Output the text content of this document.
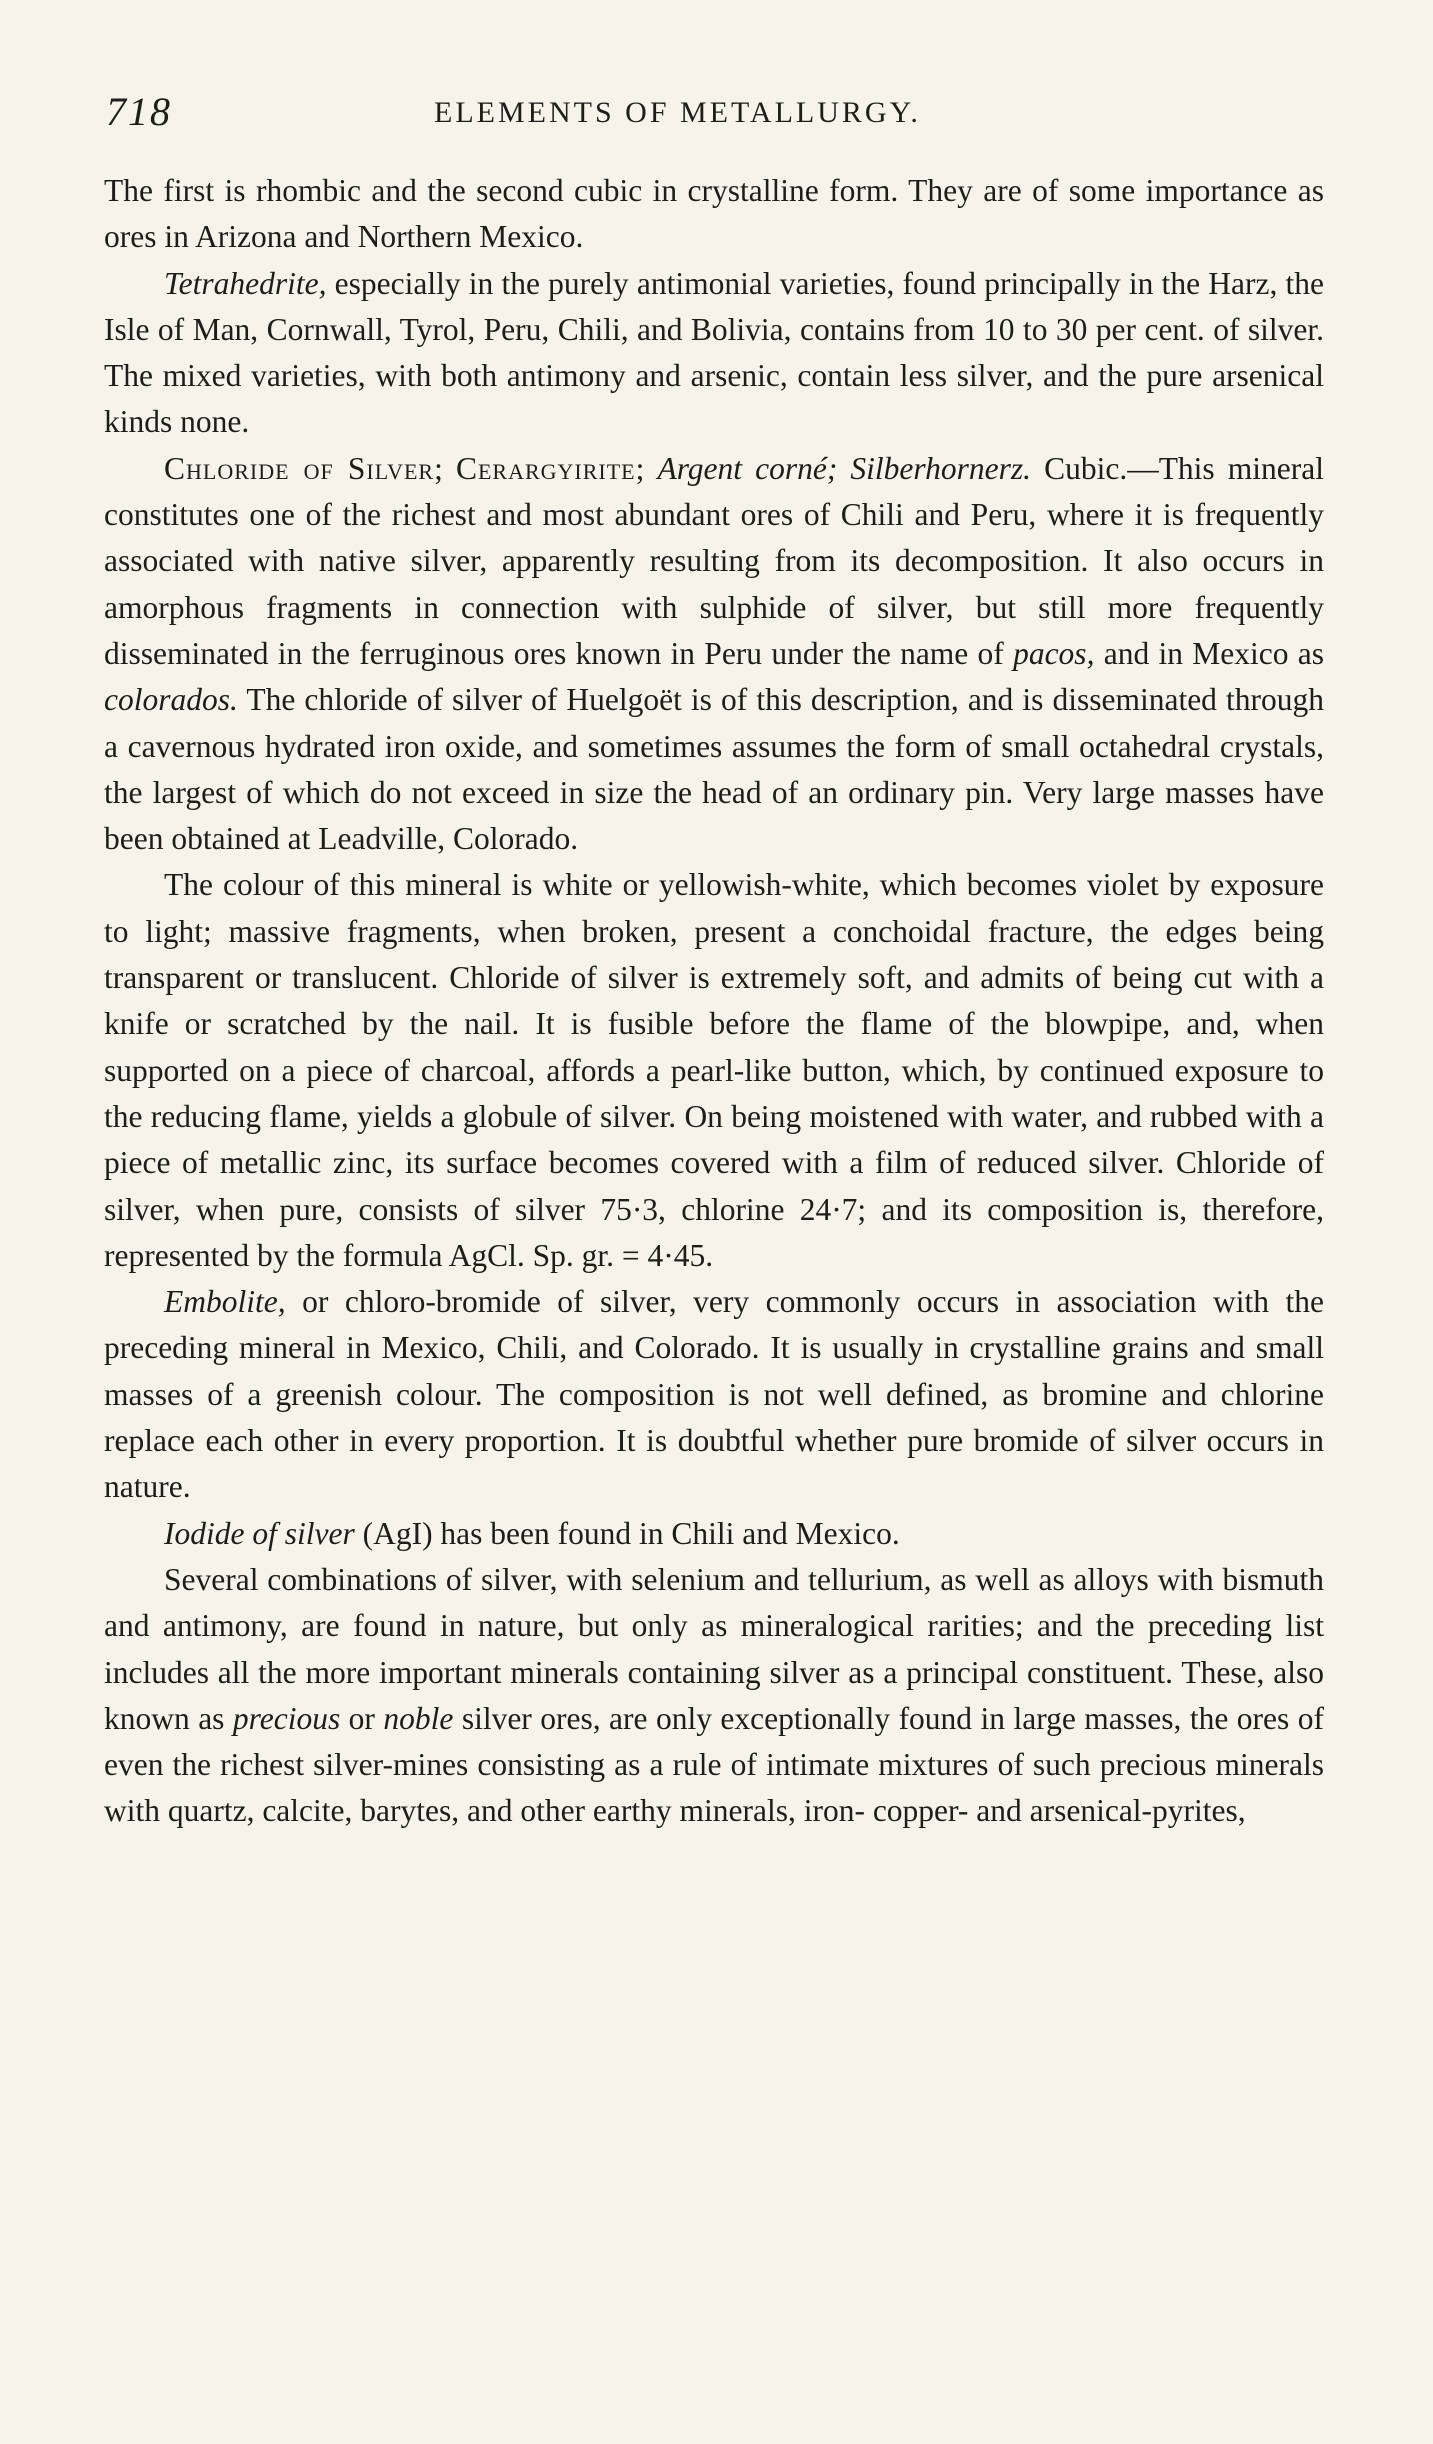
718	ELEMENTS OF METALLURGY.

The first is rhombic and the second cubic in crystalline form. They are of some importance as ores in Arizona and Northern Mexico.

Tetrahedrite, especially in the purely antimonial varieties, found principally in the Harz, the Isle of Man, Cornwall, Tyrol, Peru, Chili, and Bolivia, contains from 10 to 30 per cent. of silver. The mixed varieties, with both antimony and arsenic, contain less silver, and the pure arsenical kinds none.

Chloride of Silver; Cerargyirite; Argent corné; Silberhornerz. Cubic.—This mineral constitutes one of the richest and most abundant ores of Chili and Peru, where it is frequently associated with native silver, apparently resulting from its decomposition. It also occurs in amorphous fragments in connection with sulphide of silver, but still more frequently disseminated in the ferruginous ores known in Peru under the name of pacos, and in Mexico as colorados. The chloride of silver of Huelgoët is of this description, and is disseminated through a cavernous hydrated iron oxide, and sometimes assumes the form of small octahedral crystals, the largest of which do not exceed in size the head of an ordinary pin. Very large masses have been obtained at Leadville, Colorado.

The colour of this mineral is white or yellowish-white, which becomes violet by exposure to light; massive fragments, when broken, present a conchoidal fracture, the edges being transparent or translucent. Chloride of silver is extremely soft, and admits of being cut with a knife or scratched by the nail. It is fusible before the flame of the blowpipe, and, when supported on a piece of charcoal, affords a pearl-like button, which, by continued exposure to the reducing flame, yields a globule of silver. On being moistened with water, and rubbed with a piece of metallic zinc, its surface becomes covered with a film of reduced silver. Chloride of silver, when pure, consists of silver 75·3, chlorine 24·7; and its composition is, therefore, represented by the formula AgCl. Sp. gr. = 4·45.

Embolite, or chloro-bromide of silver, very commonly occurs in association with the preceding mineral in Mexico, Chili, and Colorado. It is usually in crystalline grains and small masses of a greenish colour. The composition is not well defined, as bromine and chlorine replace each other in every proportion. It is doubtful whether pure bromide of silver occurs in nature.

Iodide of silver (AgI) has been found in Chili and Mexico.

Several combinations of silver, with selenium and tellurium, as well as alloys with bismuth and antimony, are found in nature, but only as mineralogical rarities; and the preceding list includes all the more important minerals containing silver as a principal constituent. These, also known as precious or noble silver ores, are only exceptionally found in large masses, the ores of even the richest silver-mines consisting as a rule of intimate mixtures of such precious minerals with quartz, calcite, barytes, and other earthy minerals, iron- copper- and arsenical-pyrites,
